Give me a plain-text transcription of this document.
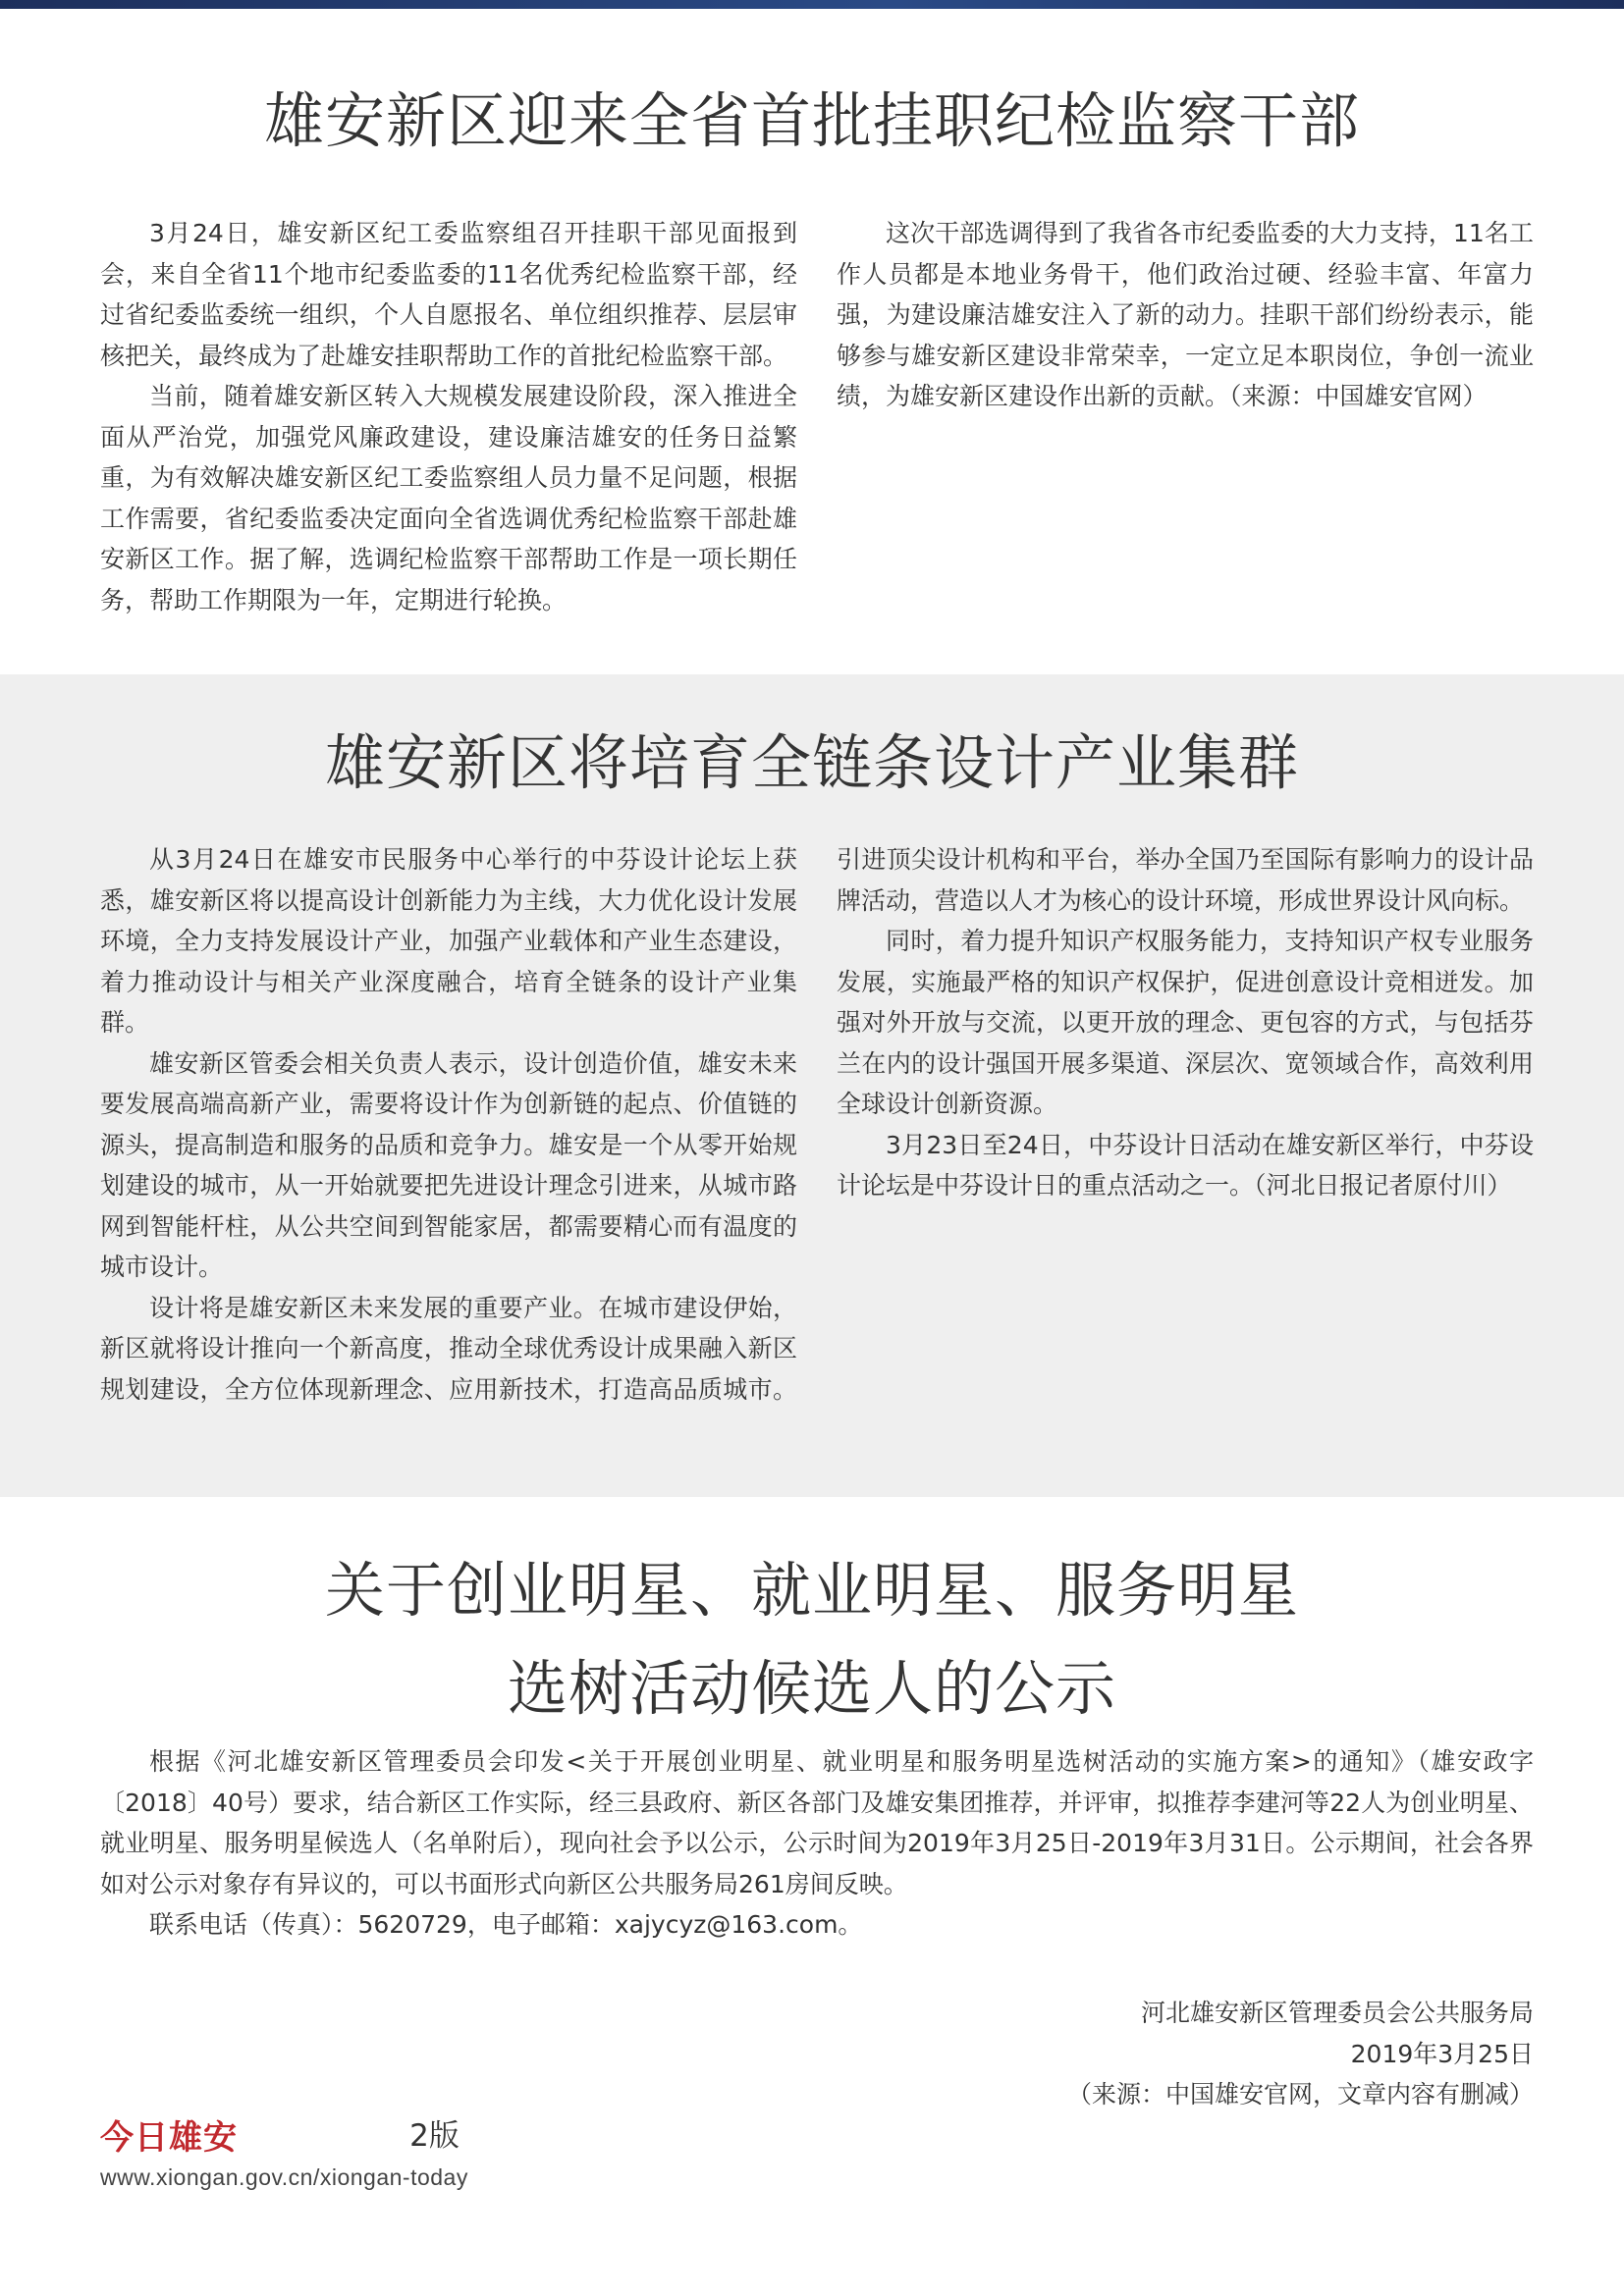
雄安新区迎来全省首批挂职纪检监察干部

3月24日，雄安新区纪工委监察组召开挂职干部见面报到会，来自全省11个地市纪委监委的11名优秀纪检监察干部，经过省纪委监委统一组织，个人自愿报名、单位组织推荐、层层审核把关，最终成为了赴雄安挂职帮助工作的首批纪检监察干部。

当前，随着雄安新区转入大规模发展建设阶段，深入推进全面从严治党，加强党风廉政建设，建设廉洁雄安的任务日益繁重，为有效解决雄安新区纪工委监察组人员力量不足问题，根据工作需要，省纪委监委决定面向全省选调优秀纪检监察干部赴雄安新区工作。据了解，选调纪检监察干部帮助工作是一项长期任务，帮助工作期限为一年，定期进行轮换。

这次干部选调得到了我省各市纪委监委的大力支持，11名工作人员都是本地业务骨干，他们政治过硬、经验丰富、年富力强，为建设廉洁雄安注入了新的动力。挂职干部们纷纷表示，能够参与雄安新区建设非常荣幸，一定立足本职岗位，争创一流业绩，为雄安新区建设作出新的贡献。（来源：中国雄安官网）

雄安新区将培育全链条设计产业集群

从3月24日在雄安市民服务中心举行的中芬设计论坛上获悉，雄安新区将以提高设计创新能力为主线，大力优化设计发展环境，全力支持发展设计产业，加强产业载体和产业生态建设，着力推动设计与相关产业深度融合，培育全链条的设计产业集群。

雄安新区管委会相关负责人表示，设计创造价值，雄安未来要发展高端高新产业，需要将设计作为创新链的起点、价值链的源头，提高制造和服务的品质和竞争力。雄安是一个从零开始规划建设的城市，从一开始就要把先进设计理念引进来，从城市路网到智能杆柱，从公共空间到智能家居，都需要精心而有温度的城市设计。

设计将是雄安新区未来发展的重要产业。在城市建设伊始，新区就将设计推向一个新高度，推动全球优秀设计成果融入新区规划建设，全方位体现新理念、应用新技术，打造高品质城市。引进顶尖设计机构和平台，举办全国乃至国际有影响力的设计品牌活动，营造以人才为核心的设计环境，形成世界设计风向标。

同时，着力提升知识产权服务能力，支持知识产权专业服务发展，实施最严格的知识产权保护，促进创意设计竞相迸发。加强对外开放与交流，以更开放的理念、更包容的方式，与包括芬兰在内的设计强国开展多渠道、深层次、宽领域合作，高效利用全球设计创新资源。

3月23日至24日，中芬设计日活动在雄安新区举行，中芬设计论坛是中芬设计日的重点活动之一。（河北日报记者原付川）

关于创业明星、就业明星、服务明星
选树活动候选人的公示

根据《河北雄安新区管理委员会印发<关于开展创业明星、就业明星和服务明星选树活动的实施方案>的通知》（雄安政字〔2018〕40号）要求，结合新区工作实际，经三县政府、新区各部门及雄安集团推荐，并评审，拟推荐李建河等22人为创业明星、就业明星、服务明星候选人（名单附后），现向社会予以公示，公示时间为2019年3月25日-2019年3月31日。公示期间，社会各界如对公示对象存有异议的，可以书面形式向新区公共服务局261房间反映。

联系电话（传真）：5620729，电子邮箱：xajycyz@163.com。

河北雄安新区管理委员会公共服务局
2019年3月25日
（来源：中国雄安官网，文章内容有删减）
今日雄安	2版
www.xiongan.gov.cn/xiongan-today
